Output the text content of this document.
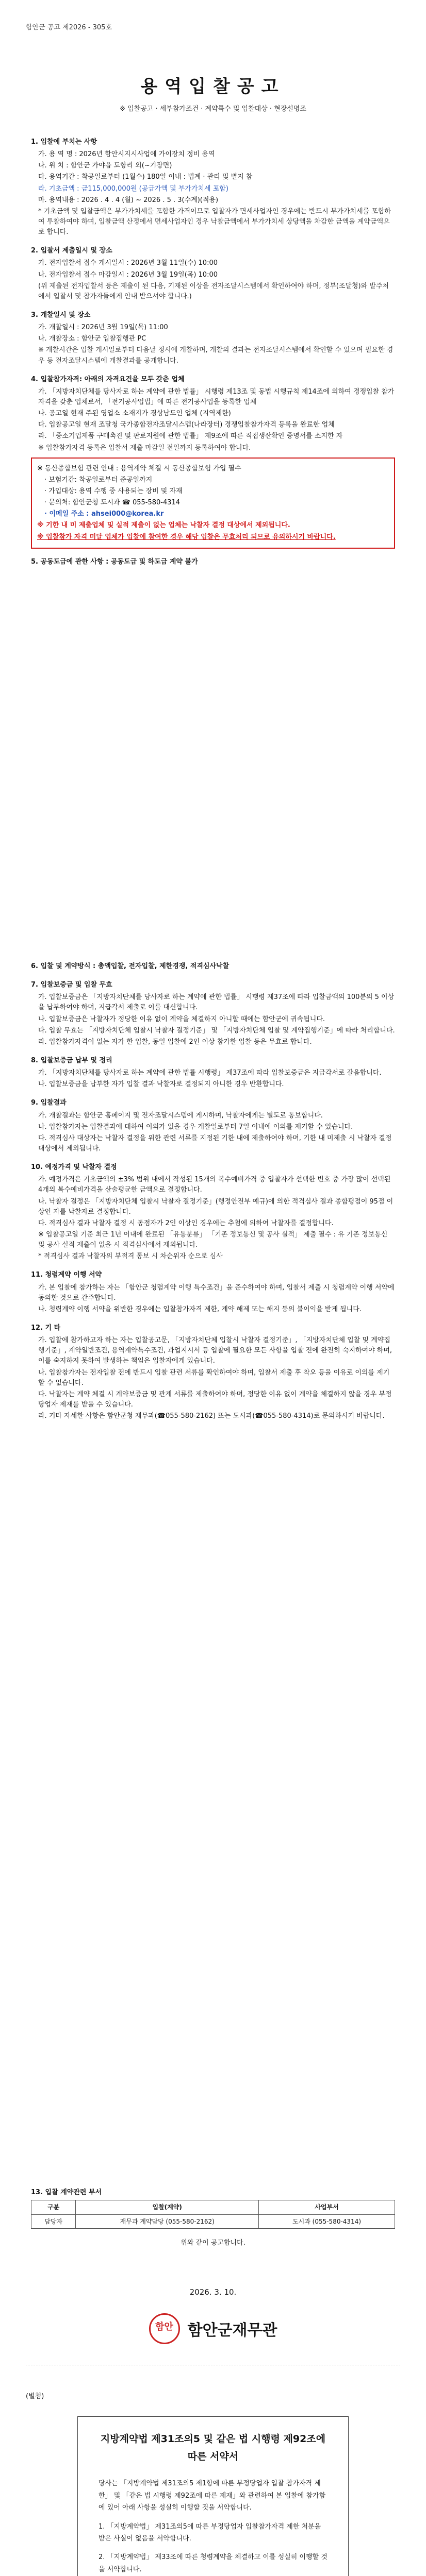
함안군 공고 제2026 - 305호
용역입찰공고
※ 입찰공고 · 세부참가조건 · 계약특수 및 입찰대상 · 현장설명조
1. 입찰에 부치는 사항
가. 용 역 명 : 2026년 함안시지시사업에 가이장치 정비 용역
나. 위 치 : 함안군 가야읍 도항리 외(~기장면)
다. 용역기간 : 착공일로부터 (1월수) 180일 이내 : 법계 · 관리 및 별지 참
라. 기초금액 : 금115,000,000원 (공급가액 및 부가가치세 포함)
마. 용역내용 : 2026 . 4 . 4 (월) ~ 2026 . 5 . 3(수계)(적용)
* 기초금액 및 입찰금액은 부가가치세를 포함한 가격이므로 입찰자가 면세사업자인 경우에는 반드시 부가가치세를 포함하여 투찰하여야 하며, 입찰금액 산정에서 면세사업자인 경우 낙찰금액에서 부가가치세 상당액을 차감한 금액을 계약금액으로 합니다.
2. 입찰서 제출일시 및 장소
가. 전자입찰서 접수 개시일시 : 2026년 3월 11일(수) 10:00
나. 전자입찰서 접수 마감일시 : 2026년 3월 19일(목) 10:00
(위 제출된 전자입찰서 등은 제출이 된 다음, 기재된 이상을 전자조달시스템에서 확인하여야 하며, 정부(조달청)와 발주처에서 입찰서 및 참가자들에게 안내 받으셔야 합니다.)
3. 개찰일시 및 장소
가. 개찰일시 : 2026년 3월 19일(목) 11:00
나. 개찰장소 : 함안군 입찰집행관 PC
※ 개찰시간은 입찰 개시일로부터 다음날 정시에 개찰하며, 개찰의 결과는 전자조달시스템에서 확인할 수 있으며 필요한 경우 등 전자조달시스템에 개찰결과를 공개합니다.
4. 입찰참가자격: 아래의 자격요건을 모두 갖춘 업체
가. 「지방자치단체를 당사자로 하는 계약에 관한 법률」 시행령 제13조 및 동법 시행규칙 제14조에 의하여 경쟁입찰 참가 자격을 갖춘 업체로서, 「전기공사업법」에 따른 전기공사업을 등록한 업체
나. 공고일 현재 주된 영업소 소재지가 경상남도인 업체 (지역제한)
다. 입찰공고일 현재 조달청 국가종합전자조달시스템(나라장터) 경쟁입찰참가자격 등록을 완료한 업체
라. 「중소기업제품 구매촉진 및 판로지원에 관한 법률」 제9조에 따른 직접생산확인 증명서를 소지한 자
※ 입찰참가자격 등록은 입찰서 제출 마감일 전일까지 등록하여야 합니다.
※ 동산종합보험 관련 안내 : 용역계약 체결 시 동산종합보험 가입 필수
· 보험기간: 착공일로부터 준공일까지
· 가입대상: 용역 수행 중 사용되는 장비 및 자재
· 문의처: 함안군청 도시과 ☎ 055-580-4314
· 이메일 주소 : ahsei000@korea.kr
※ 기한 내 미 제출업체 및 실적 제출이 없는 업체는 낙찰자 결정 대상에서 제외됩니다.
※ 입찰참가 자격 미달 업체가 입찰에 참여한 경우 해당 입찰은 무효처리 되므로 유의하시기 바랍니다.
5. 공동도급에 관한 사항 : 공동도급 및 하도급 계약 불가
6. 입찰 및 계약방식 : 총액입찰, 전자입찰, 제한경쟁, 적격심사낙찰
7. 입찰보증금 및 입찰 무효
가. 입찰보증금은 「지방자치단체를 당사자로 하는 계약에 관한 법률」 시행령 제37조에 따라 입찰금액의 100분의 5 이상을 납부하여야 하며, 지급각서 제출로 이를 대신합니다.
나. 입찰보증금은 낙찰자가 정당한 이유 없이 계약을 체결하지 아니할 때에는 함안군에 귀속됩니다.
다. 입찰 무효는 「지방자치단체 입찰시 낙찰자 결정기준」 및 「지방자치단체 입찰 및 계약집행기준」에 따라 처리합니다.
라. 입찰참가자격이 없는 자가 한 입찰, 동일 입찰에 2인 이상 참가한 입찰 등은 무효로 합니다.
8. 입찰보증금 납부 및 정리
가. 「지방자치단체를 당사자로 하는 계약에 관한 법률 시행령」 제37조에 따라 입찰보증금은 지급각서로 갈음합니다.
나. 입찰보증금을 납부한 자가 입찰 결과 낙찰자로 결정되지 아니한 경우 반환합니다.
9. 입찰결과
가. 개찰결과는 함안군 홈페이지 및 전자조달시스템에 게시하며, 낙찰자에게는 별도로 통보합니다.
나. 입찰참가자는 입찰결과에 대하여 이의가 있을 경우 개찰일로부터 7일 이내에 이의를 제기할 수 있습니다.
다. 적격심사 대상자는 낙찰자 결정을 위한 관련 서류를 지정된 기한 내에 제출하여야 하며, 기한 내 미제출 시 낙찰자 결정 대상에서 제외됩니다.
10. 예정가격 및 낙찰자 결정
가. 예정가격은 기초금액의 ±3% 범위 내에서 작성된 15개의 복수예비가격 중 입찰자가 선택한 번호 중 가장 많이 선택된 4개의 복수예비가격을 산술평균한 금액으로 결정합니다.
나. 낙찰자 결정은 「지방자치단체 입찰시 낙찰자 결정기준」(행정안전부 예규)에 의한 적격심사 결과 종합평점이 95점 이상인 자를 낙찰자로 결정합니다.
다. 적격심사 결과 낙찰자 결정 시 동점자가 2인 이상인 경우에는 추첨에 의하여 낙찰자를 결정합니다.
※ 입찰공고일 기준 최근 1년 이내에 완료된 「유통분류」 「기존 정보통신 및 공사 실적」 제출 필수 : 유 기존 정보통신 및 공사 실적 제출이 없을 시 적격심사에서 제외됩니다.
* 적격심사 결과 낙찰자의 부적격 통보 시 차순위자 순으로 심사
11. 청렴계약 이행 서약
가. 본 입찰에 참가하는 자는 「함안군 청렴계약 이행 특수조건」을 준수하여야 하며, 입찰서 제출 시 청렴계약 이행 서약에 동의한 것으로 간주합니다.
나. 청렴계약 이행 서약을 위반한 경우에는 입찰참가자격 제한, 계약 해제 또는 해지 등의 불이익을 받게 됩니다.
12. 기 타
가. 입찰에 참가하고자 하는 자는 입찰공고문, 「지방자치단체 입찰시 낙찰자 결정기준」, 「지방자치단체 입찰 및 계약집행기준」, 계약일반조건, 용역계약특수조건, 과업지시서 등 입찰에 필요한 모든 사항을 입찰 전에 완전히 숙지하여야 하며, 이를 숙지하지 못하여 발생하는 책임은 입찰자에게 있습니다.
나. 입찰참가자는 전자입찰 전에 반드시 입찰 관련 서류를 확인하여야 하며, 입찰서 제출 후 착오 등을 이유로 이의를 제기할 수 없습니다.
다. 낙찰자는 계약 체결 시 계약보증금 및 관계 서류를 제출하여야 하며, 정당한 이유 없이 계약을 체결하지 않을 경우 부정당업자 제재를 받을 수 있습니다.
라. 기타 자세한 사항은 함안군청 재무과(☎055-580-2162) 또는 도시과(☎055-580-4314)로 문의하시기 바랍니다.
13. 입찰 계약관련 부서
구분	입찰(계약)	사업부서
담당자	재무과 계약담당 (055-580-2162)	도시과 (055-580-4314)
위와 같이 공고합니다.
2026. 3. 10.
함안 함안군재무관
(별첨)
지방계약법 제31조의5 및 같은 법 시행령 제92조에 따른 서약서

당사는 「지방계약법 제31조의5 제1항에 따른 부정당업자 입찰 참가자격 제한」 및 「같은 법 시행령 제92조에 따른 제재」와 관련하여 본 입찰에 참가함에 있어 아래 사항을 성실히 이행할 것을 서약합니다.

1. 「지방계약법」 제31조의5에 따른 부정당업자 입찰참가자격 제한 처분을 받은 사실이 없음을 서약합니다.

2. 「지방계약법」 제33조에 따른 청렴계약을 체결하고 이를 성실히 이행할 것을 서약합니다.
